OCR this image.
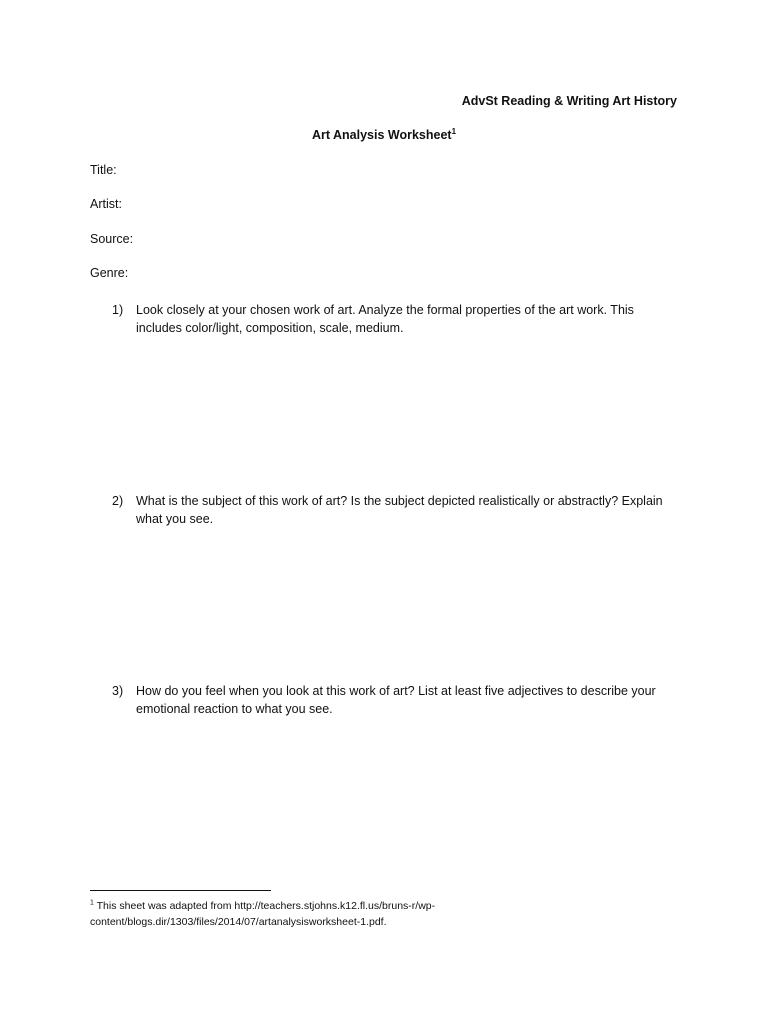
AdvSt Reading & Writing Art History
Art Analysis Worksheet$^1$
Title:
Artist:
Source:
Genre:
1) Look closely at your chosen work of art. Analyze the formal properties of the art work. This includes color/light, composition, scale, medium.
2) What is the subject of this work of art? Is the subject depicted realistically or abstractly? Explain what you see.
3) How do you feel when you look at this work of art? List at least five adjectives to describe your emotional reaction to what you see.
$^1$ This sheet was adapted from http://teachers.stjohns.k12.fl.us/bruns-r/wp-content/blogs.dir/1303/files/2014/07/artanalysisworksheet-1.pdf.
